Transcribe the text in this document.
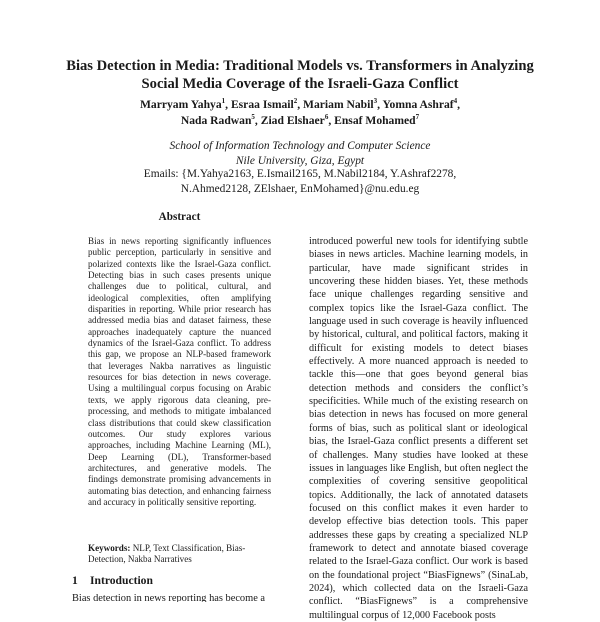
Bias Detection in Media: Traditional Models vs. Transformers in Analyzing
Social Media Coverage of the Israeli-Gaza Conflict
Marryam Yahya$^1$, Esraa Ismail$^2$, Mariam Nabil$^3$, Yomna Ashraf$^4$,
Nada Radwan$^5$, Ziad Elshaer$^6$, Ensaf Mohamed$^7$
School of Information Technology and Computer Science
Nile University, Giza, Egypt
Emails: {M.Yahya2163, E.Ismail2165, M.Nabil2184, Y.Ashraf2278,
N.Ahmed2128, ZElshaer, EnMohamed}@nu.edu.eg
Abstract
Bias in news reporting significantly influences public perception, particularly in sensitive and polarized contexts like the Israel-Gaza conflict. Detecting bias in such cases presents unique challenges due to political, cultural, and ideological complexities, often amplifying disparities in reporting. While prior research has addressed media bias and dataset fairness, these approaches inadequately capture the nuanced dynamics of the Israel-Gaza conflict. To address this gap, we propose an NLP-based framework that leverages Nakba narratives as linguistic resources for bias detection in news coverage. Using a multilingual corpus focusing on Arabic texts, we apply rigorous data cleaning, pre-processing, and methods to mitigate imbalanced class distributions that could skew classification outcomes. Our study explores various approaches, including Machine Learning (ML), Deep Learning (DL), Transformer-based architectures, and generative models. The findings demonstrate promising advancements in automating bias detection, and enhancing fairness and accuracy in politically sensitive reporting.
Keywords: NLP, Text Classification, Bias-Detection, Nakba Narratives
1 Introduction
Bias detection in news reporting has become a
introduced powerful new tools for identifying subtle biases in news articles. Machine learning models, in particular, have made significant strides in uncovering these hidden biases. Yet, these methods face unique challenges regarding sensitive and complex topics like the Israel-Gaza conflict. The language used in such coverage is heavily influenced by historical, cultural, and political factors, making it difficult for existing models to detect biases effectively. A more nuanced approach is needed to tackle this—one that goes beyond general bias detection methods and considers the conflict’s specificities. While much of the existing research on bias detection in news has focused on more general forms of bias, such as political slant or ideological bias, the Israel-Gaza conflict presents a different set of challenges. Many studies have looked at these issues in languages like English, but often neglect the complexities of covering sensitive geopolitical topics. Additionally, the lack of annotated datasets focused on this conflict makes it even harder to develop effective bias detection tools. This paper addresses these gaps by creating a specialized NLP framework to detect and annotate biased coverage related to the Israel-Gaza conflict. Our work is based on the foundational project “BiasFignews” (SinaLab, 2024), which collected data on the Israeli-Gaza conflict. “BiasFignews” is a comprehensive multilingual corpus of 12,000 Facebook posts
